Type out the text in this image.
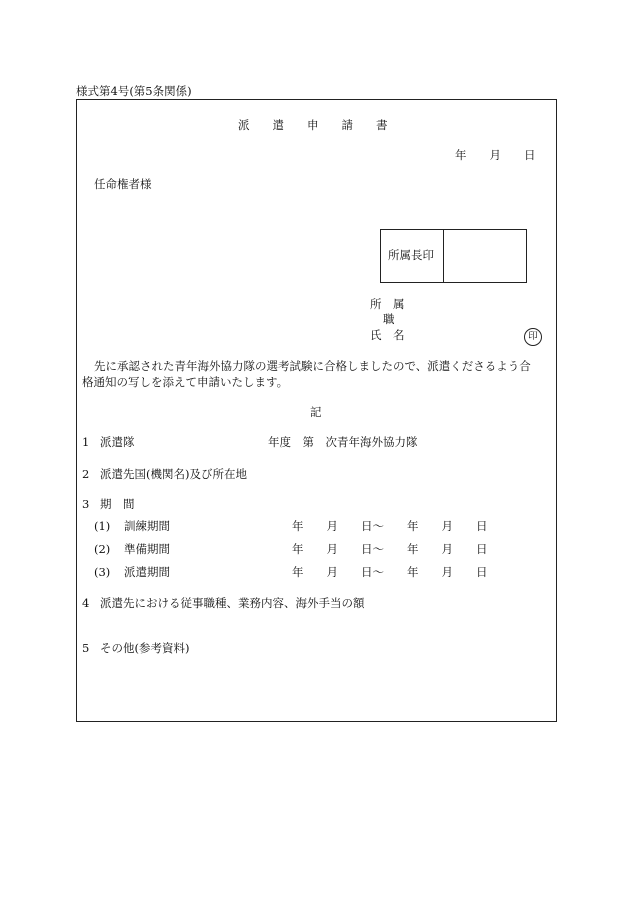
様式第4号(第5条関係)
派　　遣　　申　　請　　書
年　　月　　日
任命権者様
所属長印
所　属
職
氏　名	印
先に承認された青年海外協力隊の選考試験に合格しましたので、派遣くださるよう合
格通知の写しを添えて申請いたします。
記
1 派遣隊	年度　第　次青年海外協力隊
2 派遣先国(機関名)及び所在地
3 期　間
(1) 訓練期間	年　　月　　日～　　年　　月　　日
(2) 準備期間	年　　月　　日～　　年　　月　　日
(3) 派遣期間	年　　月　　日～　　年　　月　　日
4 派遣先における従事職種、業務内容、海外手当の額
5 その他(参考資料)
